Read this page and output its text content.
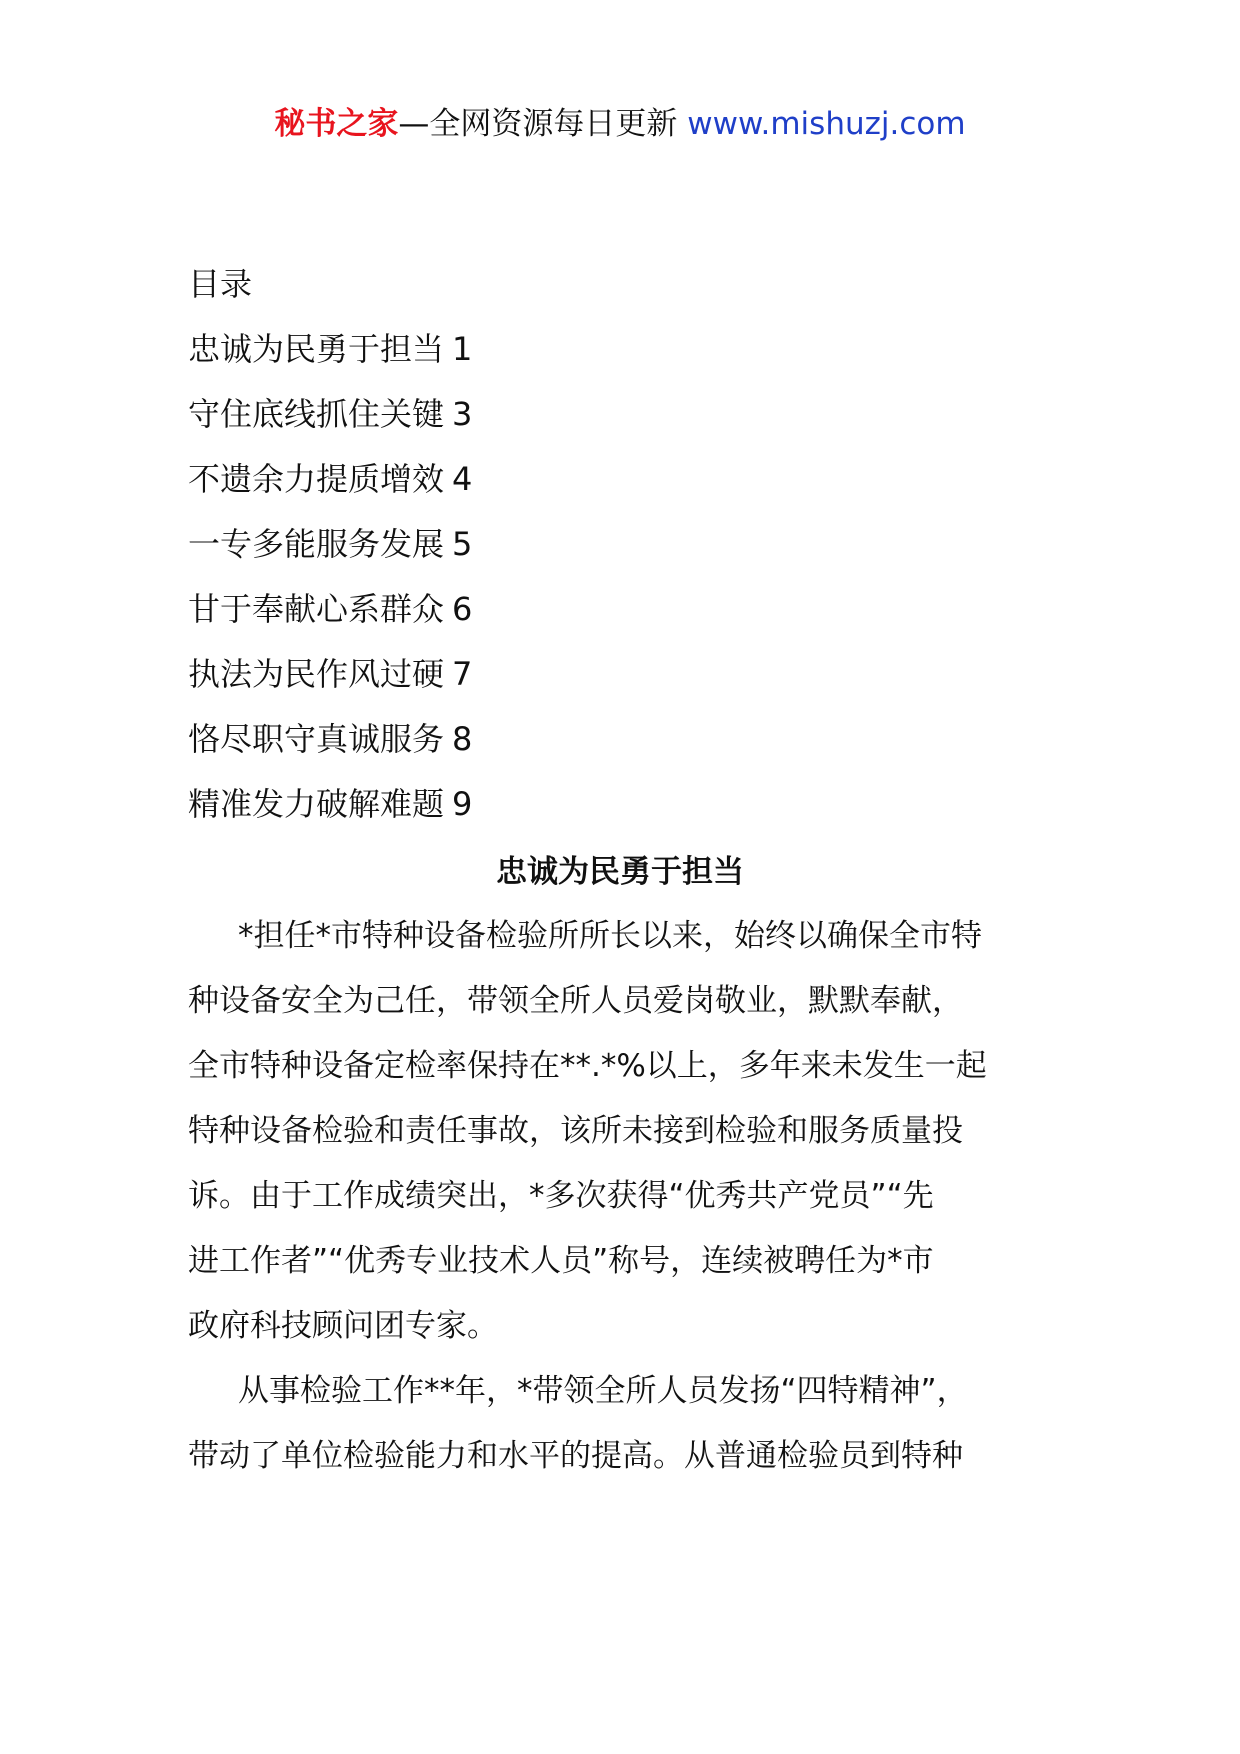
秘书之家—全网资源每日更新 www.mishuzj.com
目录
忠诚为民勇于担当 1
守住底线抓住关键 3
不遗余力提质增效 4
一专多能服务发展 5
甘于奉献心系群众 6
执法为民作风过硬 7
恪尽职守真诚服务 8
精准发力破解难题 9
忠诚为民勇于担当
*担任*市特种设备检验所所长以来，始终以确保全市特
种设备安全为己任，带领全所人员爱岗敬业，默默奉献，
全市特种设备定检率保持在**.*%以上，多年来未发生一起
特种设备检验和责任事故，该所未接到检验和服务质量投
诉。由于工作成绩突出，*多次获得“优秀共产党员”“先
进工作者”“优秀专业技术人员”称号，连续被聘任为*市
政府科技顾问团专家。
从事检验工作**年，*带领全所人员发扬“四特精神”，
带动了单位检验能力和水平的提高。从普通检验员到特种
